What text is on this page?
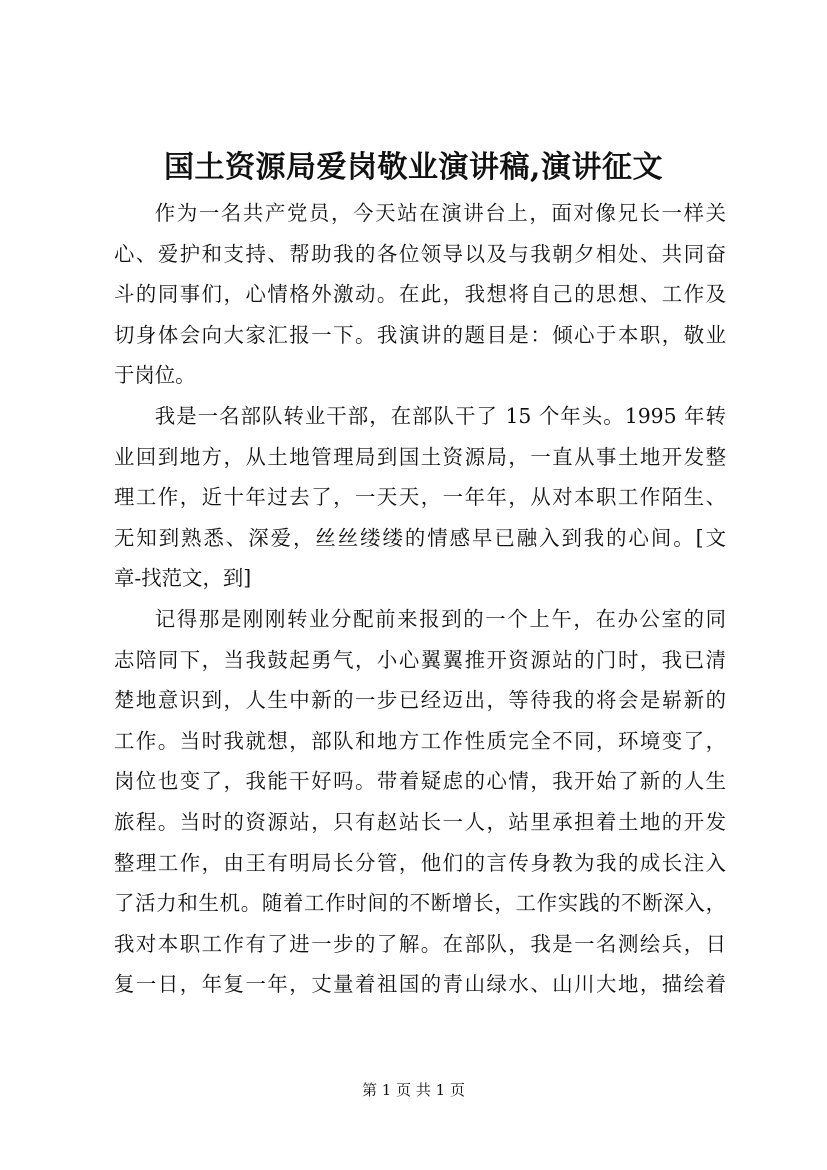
国土资源局爱岗敬业演讲稿,演讲征文

作为一名共产党员，今天站在演讲台上，面对像兄长一样关
心、爱护和支持、帮助我的各位领导以及与我朝夕相处、共同奋
斗的同事们，心情格外激动。在此，我想将自己的思想、工作及
切身体会向大家汇报一下。我演讲的题目是：倾心于本职，敬业
于岗位。

我是一名部队转业干部，在部队干了 15 个年头。1995 年转
业回到地方，从土地管理局到国土资源局，一直从事土地开发整
理工作，近十年过去了，一天天，一年年，从对本职工作陌生、
无知到熟悉、深爱，丝丝缕缕的情感早已融入到我的心间。[文
章-找范文，到]

记得那是刚刚转业分配前来报到的一个上午，在办公室的同
志陪同下，当我鼓起勇气，小心翼翼推开资源站的门时，我已清
楚地意识到，人生中新的一步已经迈出，等待我的将会是崭新的
工作。当时我就想，部队和地方工作性质完全不同，环境变了，
岗位也变了，我能干好吗。带着疑虑的心情，我开始了新的人生
旅程。当时的资源站，只有赵站长一人，站里承担着土地的开发
整理工作，由王有明局长分管，他们的言传身教为我的成长注入
了活力和生机。随着工作时间的不断增长，工作实践的不断深入，
我对本职工作有了进一步的了解。在部队，我是一名测绘兵，日
复一日，年复一年，丈量着祖国的青山绿水、山川大地，描绘着

第 1 页 共 1 页
